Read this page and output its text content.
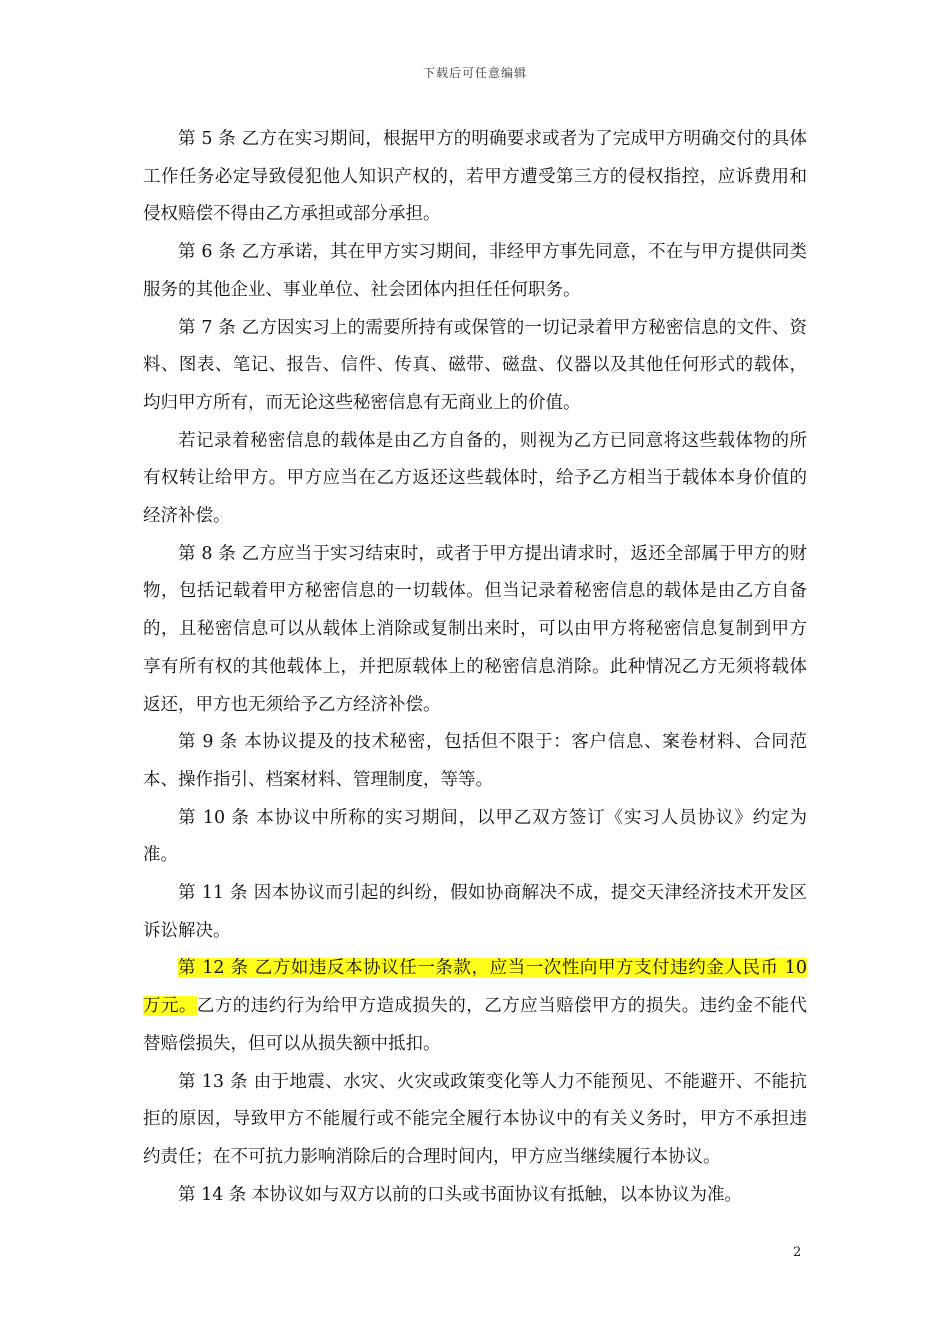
下载后可任意编辑

第 5 条 乙方在实习期间，根据甲方的明确要求或者为了完成甲方明确交付的具体工作任务必定导致侵犯他人知识产权的，若甲方遭受第三方的侵权指控，应诉费用和侵权赔偿不得由乙方承担或部分承担。

第 6 条 乙方承诺，其在甲方实习期间，非经甲方事先同意，不在与甲方提供同类服务的其他企业、事业单位、社会团体内担任任何职务。

第 7 条 乙方因实习上的需要所持有或保管的一切记录着甲方秘密信息的文件、资料、图表、笔记、报告、信件、传真、磁带、磁盘、仪器以及其他任何形式的载体，均归甲方所有，而无论这些秘密信息有无商业上的价值。

若记录着秘密信息的载体是由乙方自备的，则视为乙方已同意将这些载体物的所有权转让给甲方。甲方应当在乙方返还这些载体时，给予乙方相当于载体本身价值的经济补偿。

第 8 条 乙方应当于实习结束时，或者于甲方提出请求时，返还全部属于甲方的财物，包括记载着甲方秘密信息的一切载体。但当记录着秘密信息的载体是由乙方自备的，且秘密信息可以从载体上消除或复制出来时，可以由甲方将秘密信息复制到甲方享有所有权的其他载体上，并把原载体上的秘密信息消除。此种情况乙方无须将载体返还，甲方也无须给予乙方经济补偿。

第 9 条 本协议提及的技术秘密，包括但不限于：客户信息、案卷材料、合同范本、操作指引、档案材料、管理制度，等等。

第 10 条 本协议中所称的实习期间，以甲乙双方签订《实习人员协议》约定为准。

第 11 条 因本协议而引起的纠纷，假如协商解决不成，提交天津经济技术开发区诉讼解决。

第 12 条 乙方如违反本协议任一条款，应当一次性向甲方支付违约金人民币 10 万元。乙方的违约行为给甲方造成损失的，乙方应当赔偿甲方的损失。违约金不能代替赔偿损失，但可以从损失额中抵扣。

第 13 条 由于地震、水灾、火灾或政策变化等人力不能预见、不能避开、不能抗拒的原因，导致甲方不能履行或不能完全履行本协议中的有关义务时，甲方不承担违约责任；在不可抗力影响消除后的合理时间内，甲方应当继续履行本协议。

第 14 条 本协议如与双方以前的口头或书面协议有抵触，以本协议为准。

2
